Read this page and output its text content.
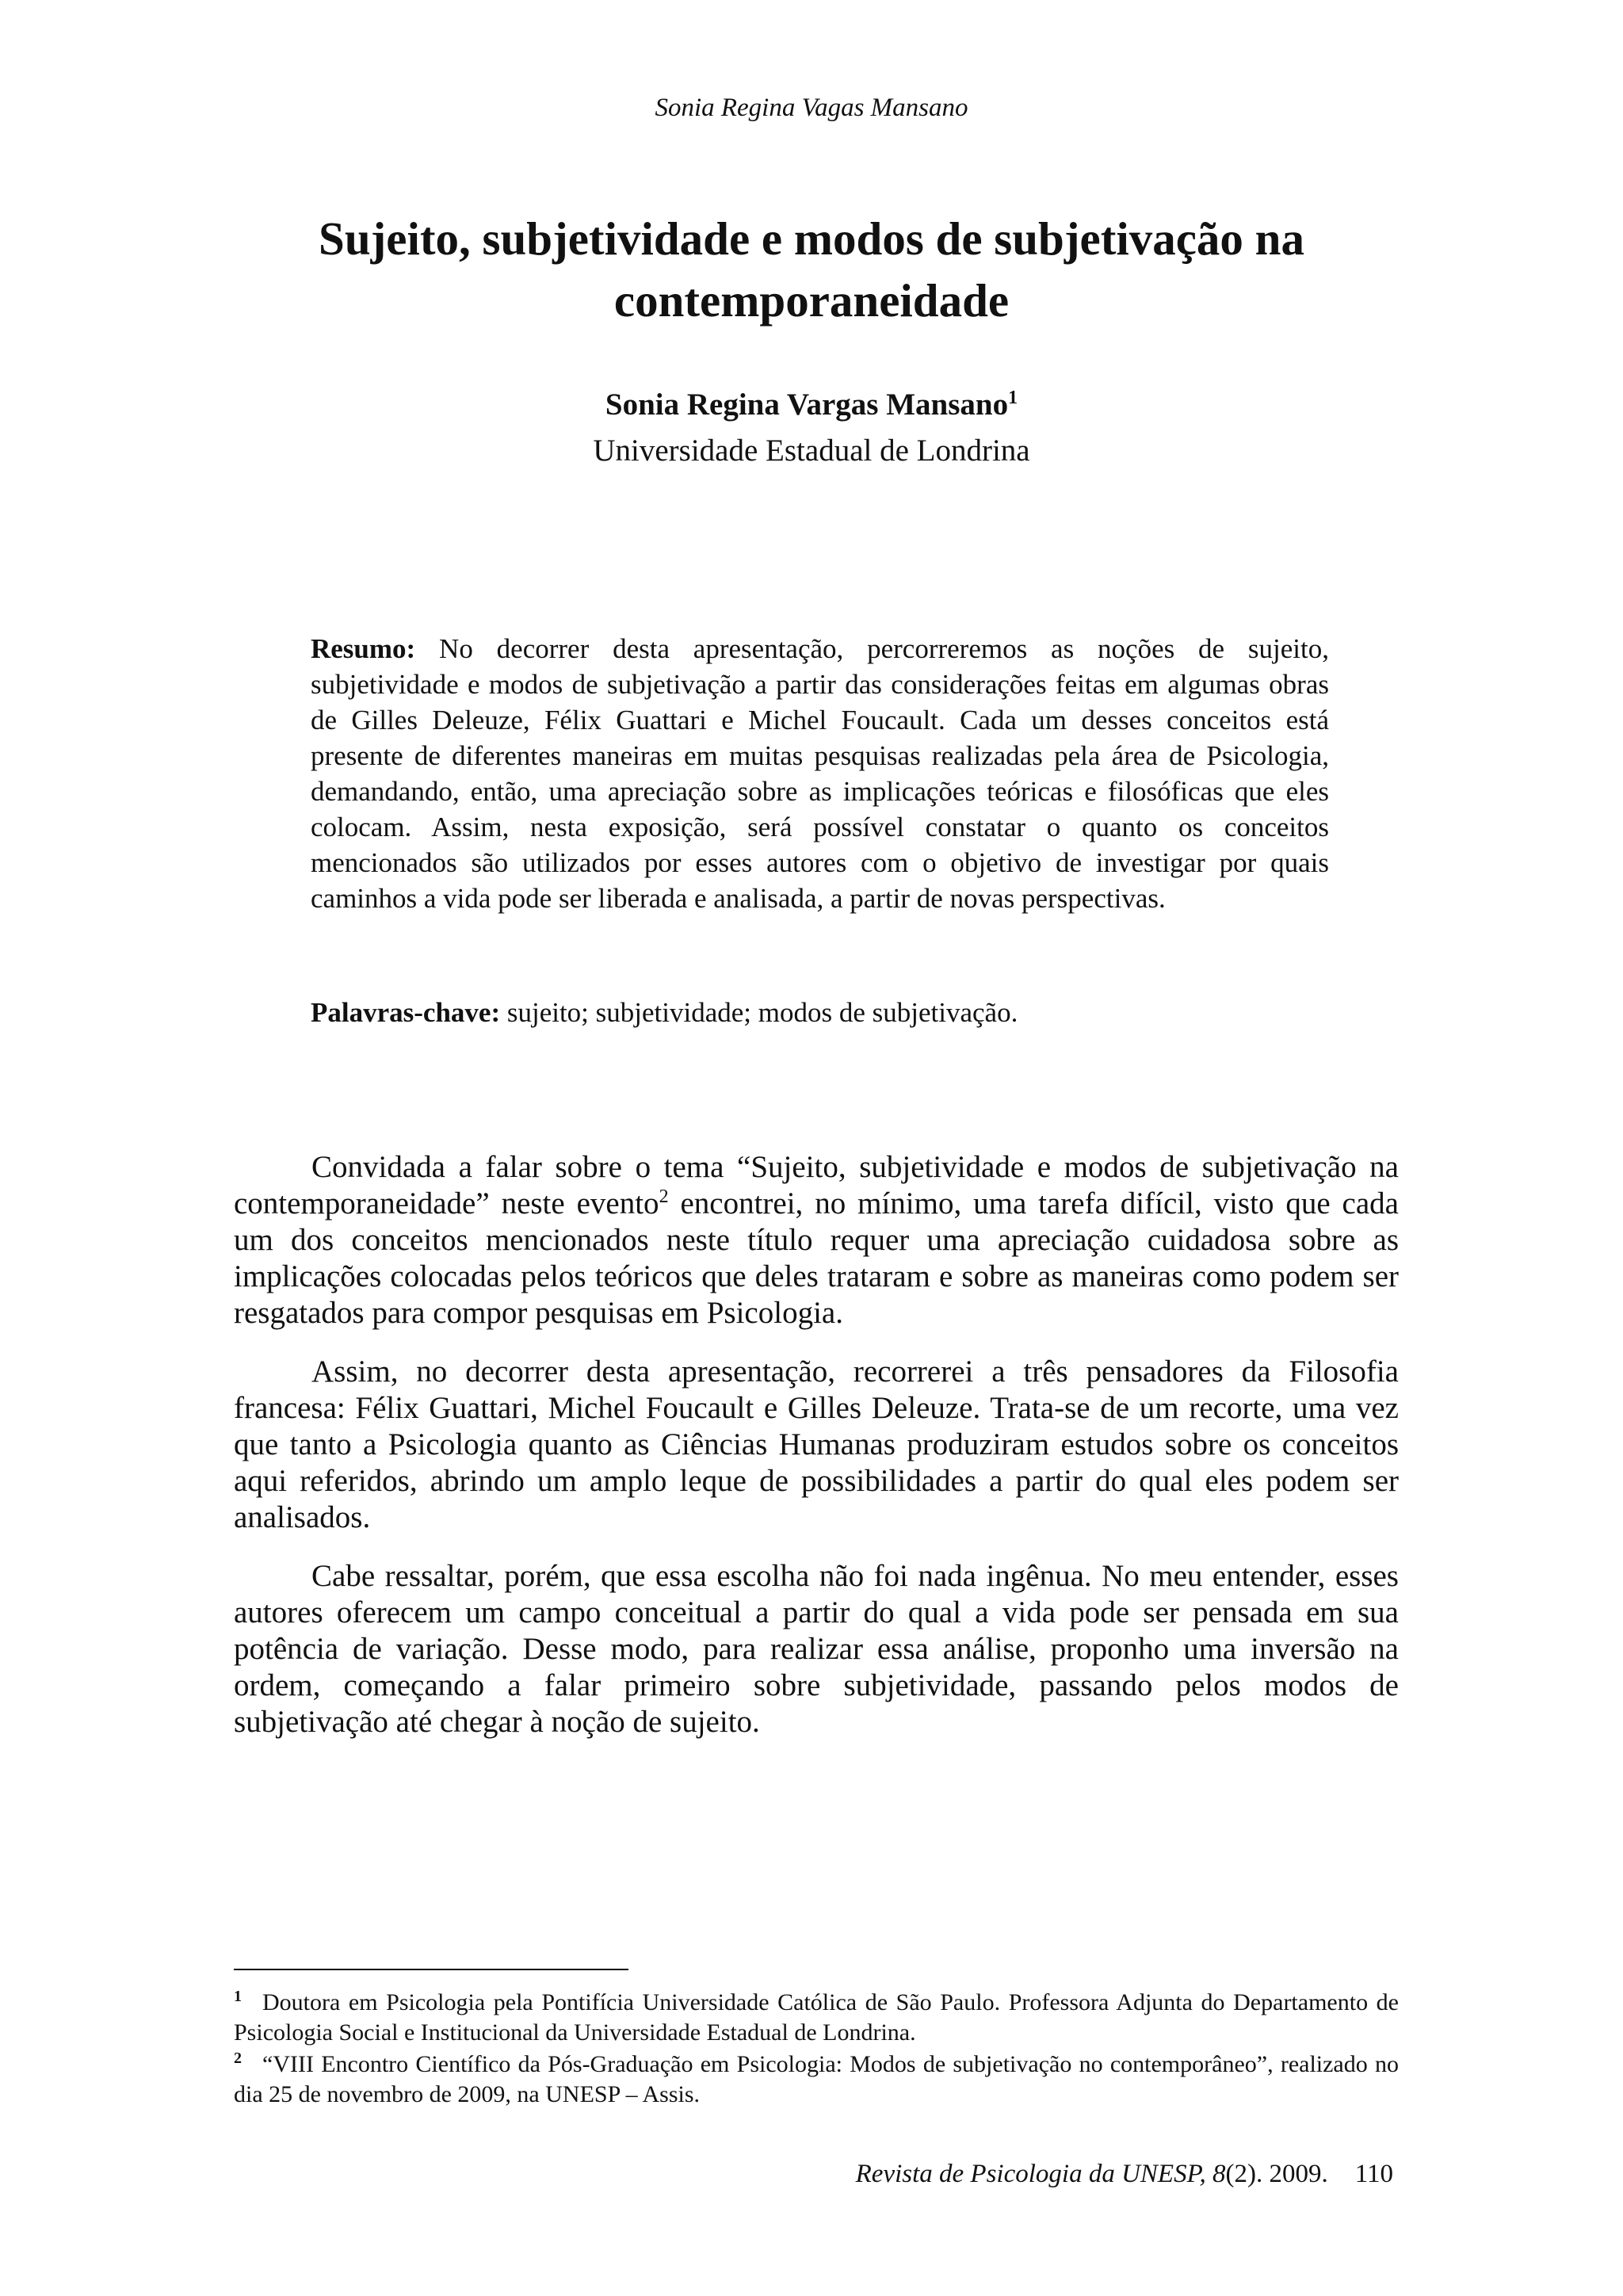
Sonia Regina Vagas Mansano
Sujeito, subjetividade e modos de subjetivação na contemporaneidade
Sonia Regina Vargas Mansano$^1$
Universidade Estadual de Londrina

Resumo: No decorrer desta apresentação, percorreremos as noções de sujeito, subjetividade e modos de subjetivação a partir das considerações feitas em algumas obras de Gilles Deleuze, Félix Guattari e Michel Foucault. Cada um desses conceitos está presente de diferentes maneiras em muitas pesquisas realizadas pela área de Psicologia, demandando, então, uma apreciação sobre as implicações teóricas e filosóficas que eles colocam. Assim, nesta exposição, será possível constatar o quanto os conceitos mencionados são utilizados por esses autores com o objetivo de investigar por quais caminhos a vida pode ser liberada e analisada, a partir de novas perspectivas.

Palavras-chave: sujeito; subjetividade; modos de subjetivação.

Convidada a falar sobre o tema “Sujeito, subjetividade e modos de subjetivação na contemporaneidade” neste evento$^2$ encontrei, no mínimo, uma tarefa difícil, visto que cada um dos conceitos mencionados neste título requer uma apreciação cuidadosa sobre as implicações colocadas pelos teóricos que deles trataram e sobre as maneiras como podem ser resgatados para compor pesquisas em Psicologia.

Assim, no decorrer desta apresentação, recorrerei a três pensadores da Filosofia francesa: Félix Guattari, Michel Foucault e Gilles Deleuze. Trata-se de um recorte, uma vez que tanto a Psicologia quanto as Ciências Humanas produziram estudos sobre os conceitos aqui referidos, abrindo um amplo leque de possibilidades a partir do qual eles podem ser analisados.

Cabe ressaltar, porém, que essa escolha não foi nada ingênua. No meu entender, esses autores oferecem um campo conceitual a partir do qual a vida pode ser pensada em sua potência de variação. Desse modo, para realizar essa análise, proponho uma inversão na ordem, começando a falar primeiro sobre subjetividade, passando pelos modos de subjetivação até chegar à noção de sujeito.

$^1$ Doutora em Psicologia pela Pontifícia Universidade Católica de São Paulo. Professora Adjunta do Departamento de Psicologia Social e Institucional da Universidade Estadual de Londrina.

$^2$ “VIII Encontro Científico da Pós-Graduação em Psicologia: Modos de subjetivação no contemporâneo”, realizado no dia 25 de novembro de 2009, na UNESP – Assis.

Revista de Psicologia da UNESP, 8(2). 2009. 110
